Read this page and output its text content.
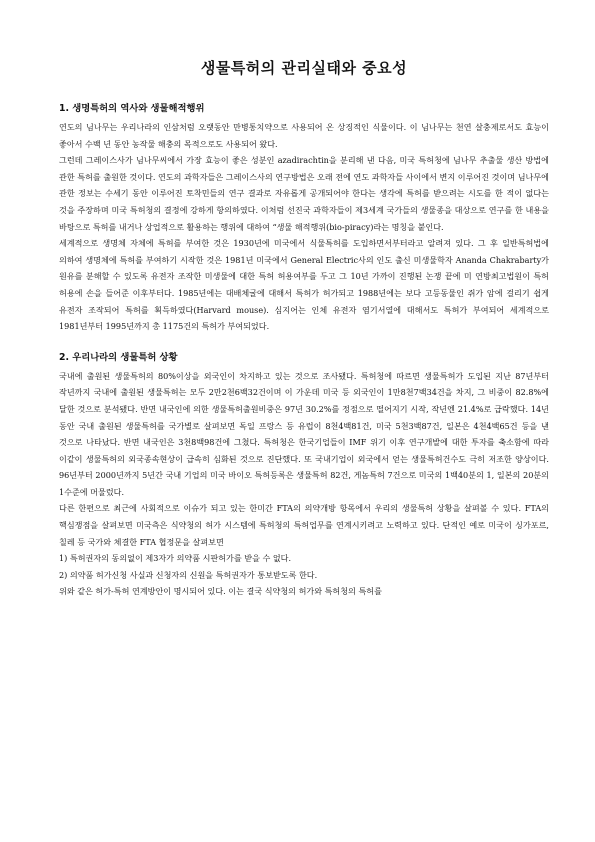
생물특허의 관리실태와 중요성
1. 생명특허의 역사와 생물해적행위

연도의 님나무는 우리나라의 인삼처럼 오랫동안 만병통치약으로 사용되어 온 상징적인 식물이다. 이 님나무는 천연 살충제로서도 효능이 좋아서 수백 년 동안 농작물 해충의 목적으로도 사용되어 왔다.

그런데 그레이스사가 님나무씨에서 가장 효능이 좋은 성분인 azadirachtin을 분리해 낸 다음, 미국 특허청에 님나무 추출물 생산 방법에 관한 특허를 출원한 것이다. 연도의 과학자들은 그레이스사의 연구방법은 오래 전에 연도 과학자들 사이에서 변지 이루어진 것이며 님나무에 관한 정보는 수세기 동안 이루어진 토착민들의 연구 결과로 자유롭게 공개되어야 한다는 생각에 특허를 받으려는 시도를 한 적이 없다는 것을 주장하며 미국 특허청의 결정에 강하게 항의하였다. 이처럼 선진국 과학자들이 제3세계 국가들의 생물종을 대상으로 연구를 한 내용을 바탕으로 특허를 내거나 상업적으로 활용하는 행위에 대하여 “생물 해적행위(bio-piracy)라는 명칭을 붙인다.

세계적으로 생명체 자체에 특허를 부여한 것은 1930년에 미국에서 식물특허를 도입하면서부터라고 알려져 있다. 그 후 일반특허법에 의하여 생명체에 특허를 부여하기 시작한 것은 1981년 미국에서 General Electric사의 인도 출신 미생물학자 Ananda Chakrabarty가 원유를 분해할 수 있도록 유전자 조작한 미생물에 대한 특허 허용여부를 두고 그 10년 가까이 진행된 논쟁 끝에 미 연방최고법원이 특허 허용에 손을 들어준 이후부터다. 1985년에는 대배체굴에 대해서 특허가 허가되고 1988년에는 보다 고등동물인 쥐가 암에 걸리기 쉽게 유전자 조작되어 특허를 획득하였다(Harvard mouse). 심지어는 인체 유전자 염기서열에 대해서도 특허가 부여되어 세계적으로 1981년부터 1995년까지 총 1175건의 특허가 부여되었다.

2. 우리나라의 생물특허 상황

국내에 출원된 생물특허의 80%이상을 외국인이 차지하고 있는 것으로 조사됐다. 특허청에 따르면 생물특허가 도입된 지난 87년부터 작년까지 국내에 출원된 생물특허는 모두 2만2천6백32건이며 이 가운데 미국 등 외국인이 1만8천7백34건을 차지, 그 비중이 82.8%에 달한 것으로 분석됐다. 반면 내국인에 의한 생물특허출원비중은 97년 30.2%를 정점으로 떨어지기 시작, 작년엔 21.4%로 급락했다. 14년 동안 국내 출원된 생물특허를 국가별로 살펴보면 독일 프랑스 등 유럽이 8천4백81건, 미국 5천3백87건, 일본은 4천4백65건 등을 낸 것으로 나타났다. 반면 내국인은 3천8백98건에 그쳤다. 특허청은 한국기업들이 IMF 위기 이후 연구개발에 대한 투자를 축소함에 따라 이같이 생물특허의 외국종속현상이 급속히 심화된 것으로 진단했다. 또 국내기업이 외국에서 얻는 생물특허건수도 극히 저조한 양상이다. 96년부터 2000년까지 5년간 국내 기업의 미국 바이오 특허등록은 생물특허 82건, 게놈특허 7건으로 미국의 1백40분의 1, 일본의 20분의 1수준에 머물렀다.

다른 한편으로 최근에 사회적으로 이슈가 되고 있는 한미간 FTA의 의약개방 항목에서 우리의 생물특허 상황을 살펴볼 수 있다. FTA의 핵심쟁점을 살펴보면 미국측은 식약청의 허가 시스템에 특허청의 특허업무를 연계시키려고 노력하고 있다. 단적인 예로 미국이 싱가포르, 칠레 등 국가와 체결한 FTA 협정문을 살펴보면

1) 특허권자의 동의없이 제3자가 의약품 시판허가를 받을 수 없다.

2) 의약품 허가신청 사실과 신청자의 신원을 특허권자가 통보받도록 한다.

위와 같은 허가-특허 연계방안이 명시되어 있다. 이는 결국 식약청의 허가와 특허청의 특허를
